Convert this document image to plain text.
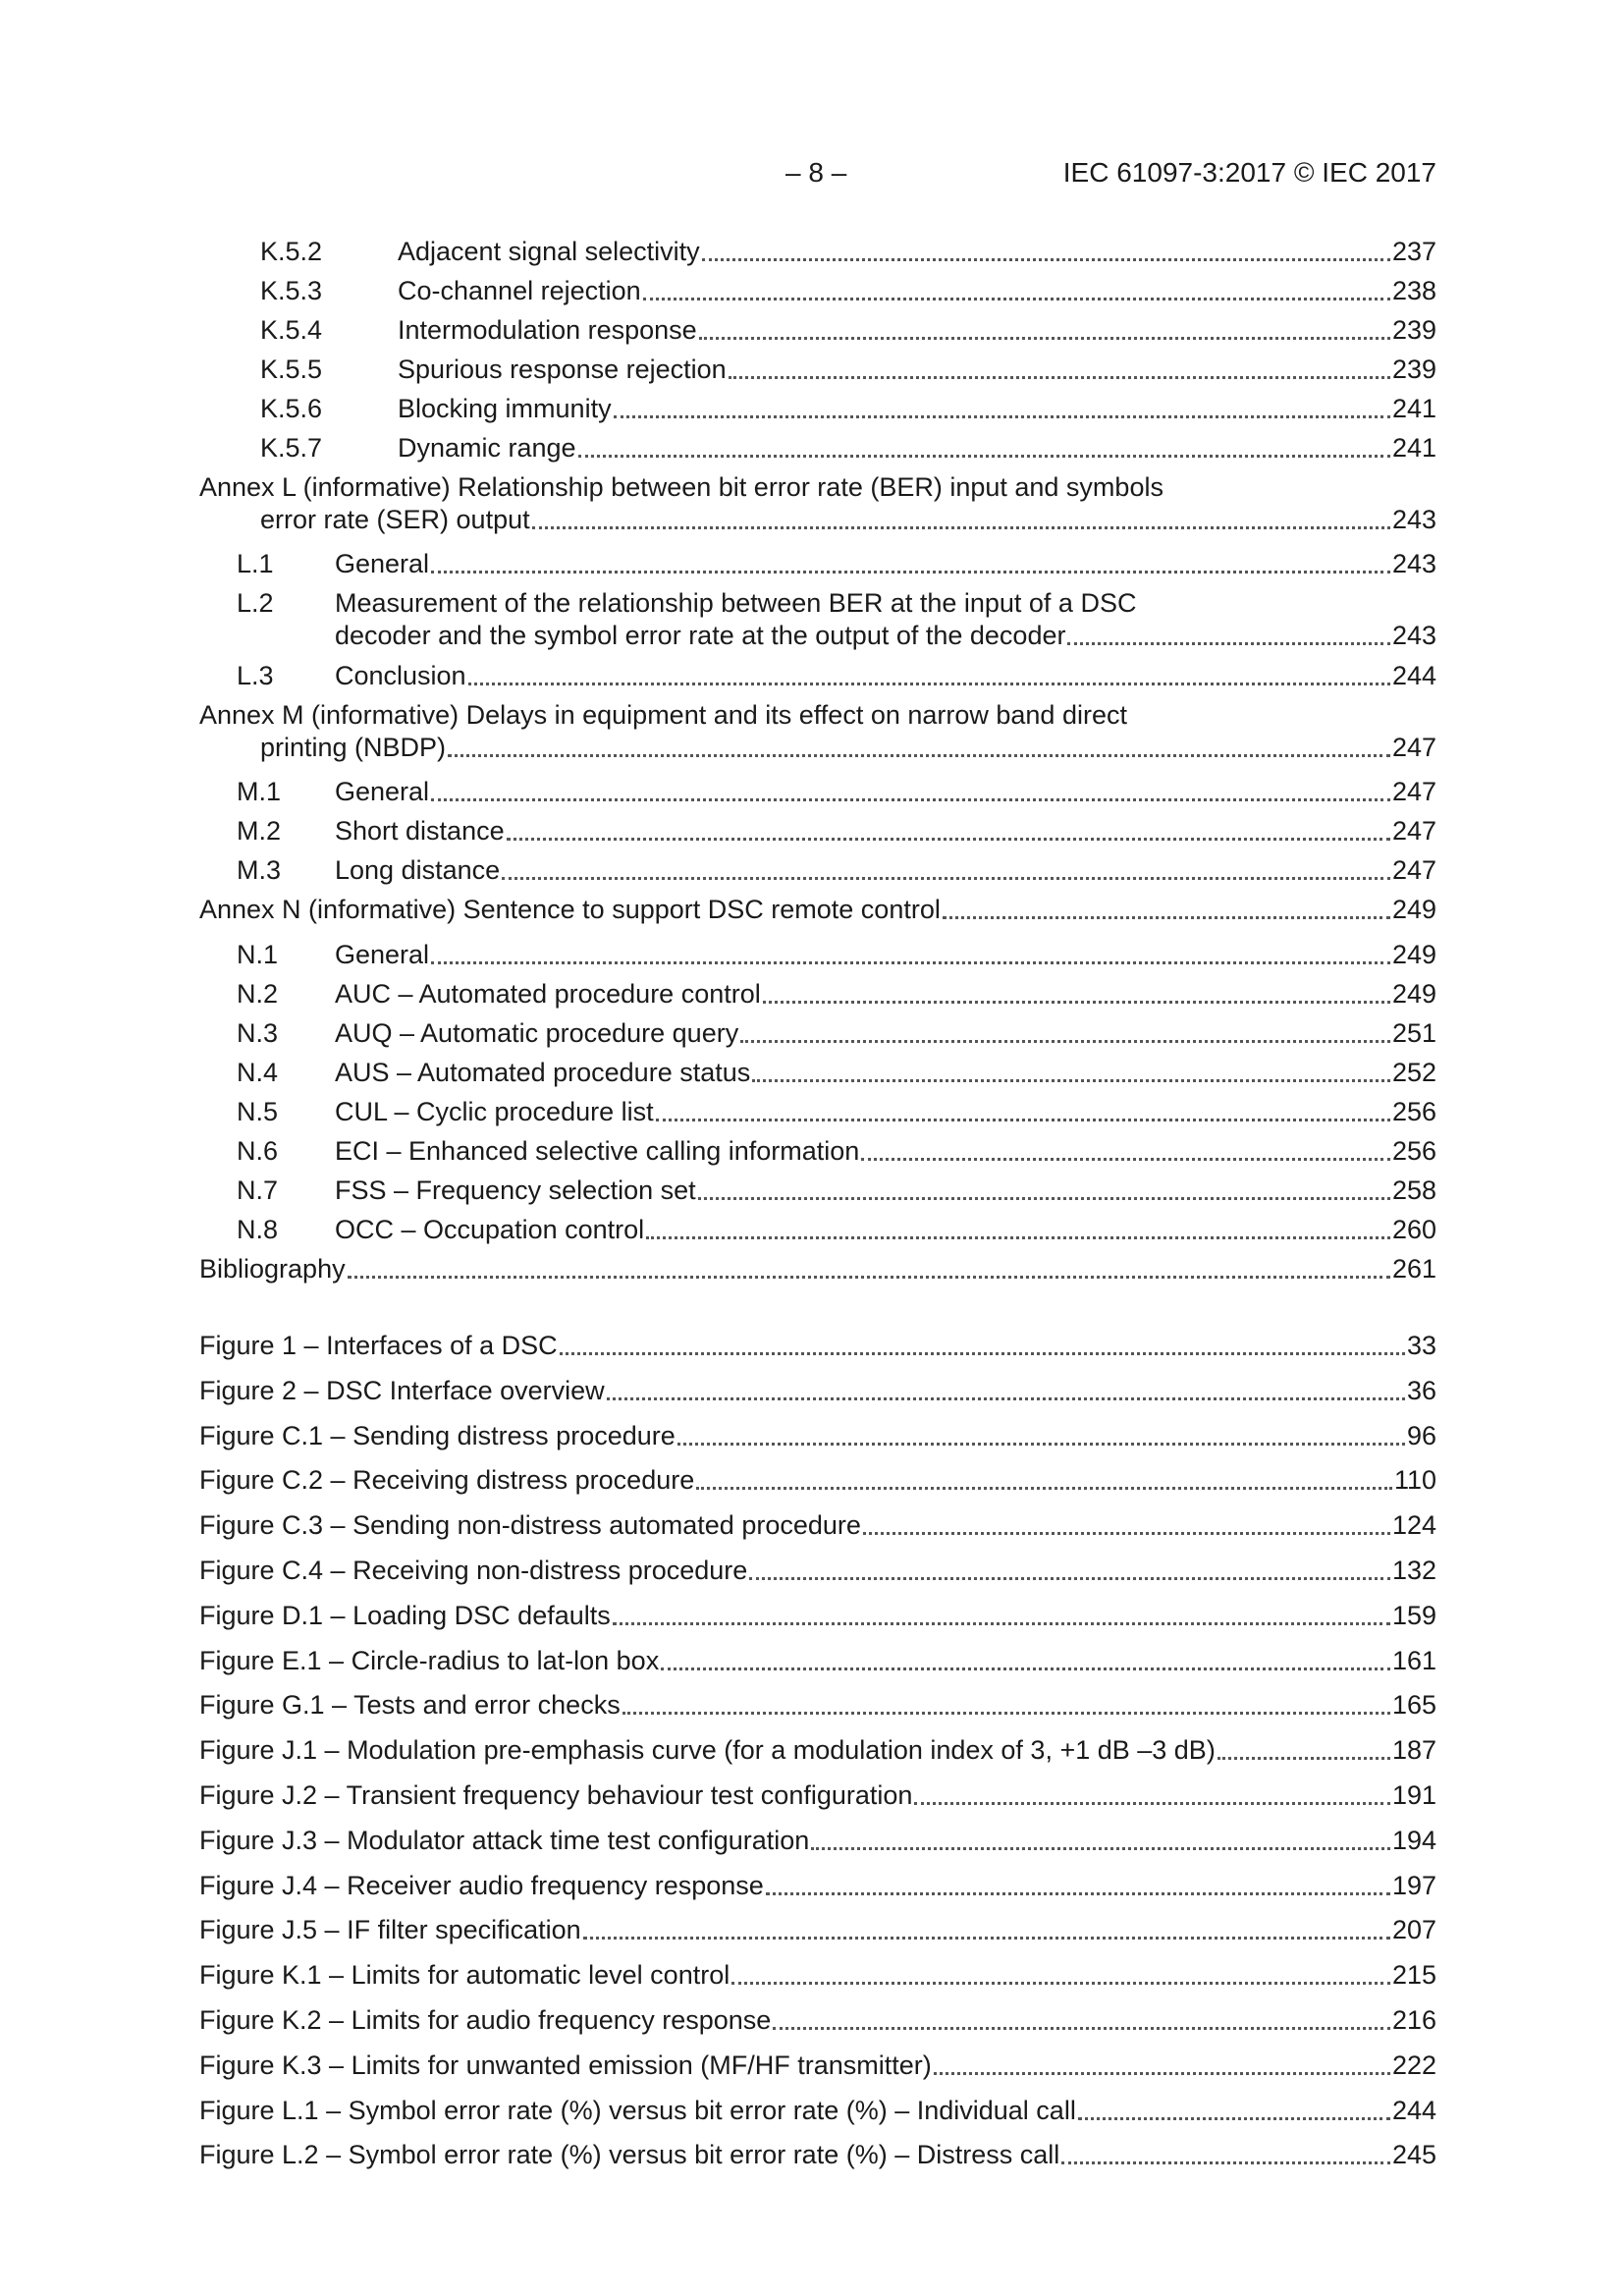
– 8 –	IEC 61097-3:2017 © IEC 2017
K.5.2	Adjacent signal selectivity	237
K.5.3	Co-channel rejection	238
K.5.4	Intermodulation response	239
K.5.5	Spurious response rejection	239
K.5.6	Blocking immunity	241
K.5.7	Dynamic range	241
Annex L (informative) Relationship between bit error rate (BER) input and symbols
error rate (SER) output	243
L.1	General	243
L.2 Measurement of the relationship between BER at the input of a DSC
decoder and the symbol error rate at the output of the decoder	243
L.3	Conclusion	244
Annex M (informative) Delays in equipment and its effect on narrow band direct
printing (NBDP)	247
M.1	General	247
M.2	Short distance	247
M.3	Long distance	247
Annex N (informative) Sentence to support DSC remote control	249
N.1	General	249
N.2	AUC – Automated procedure control	249
N.3	AUQ – Automatic procedure query	251
N.4	AUS – Automated procedure status	252
N.5	CUL – Cyclic procedure list	256
N.6	ECI – Enhanced selective calling information	256
N.7	FSS – Frequency selection set	258
N.8	OCC – Occupation control	260
Bibliography	261
Figure 1 – Interfaces of a DSC	33
Figure 2 – DSC Interface overview	36
Figure C.1 – Sending distress procedure	96
Figure C.2 – Receiving distress procedure	110
Figure C.3 – Sending non-distress automated procedure	124
Figure C.4 – Receiving non-distress procedure	132
Figure D.1 – Loading DSC defaults	159
Figure E.1 – Circle-radius to lat-lon box	161
Figure G.1 – Tests and error checks	165
Figure J.1 – Modulation pre-emphasis curve (for a modulation index of 3, +1 dB –3 dB)	187
Figure J.2 – Transient frequency behaviour test configuration	191
Figure J.3 – Modulator attack time test configuration	194
Figure J.4 – Receiver audio frequency response	197
Figure J.5 – IF filter specification	207
Figure K.1 – Limits for automatic level control	215
Figure K.2 – Limits for audio frequency response	216
Figure K.3 – Limits for unwanted emission (MF/HF transmitter)	222
Figure L.1 – Symbol error rate (%) versus bit error rate (%) – Individual call	244
Figure L.2 – Symbol error rate (%) versus bit error rate (%) – Distress call	245
